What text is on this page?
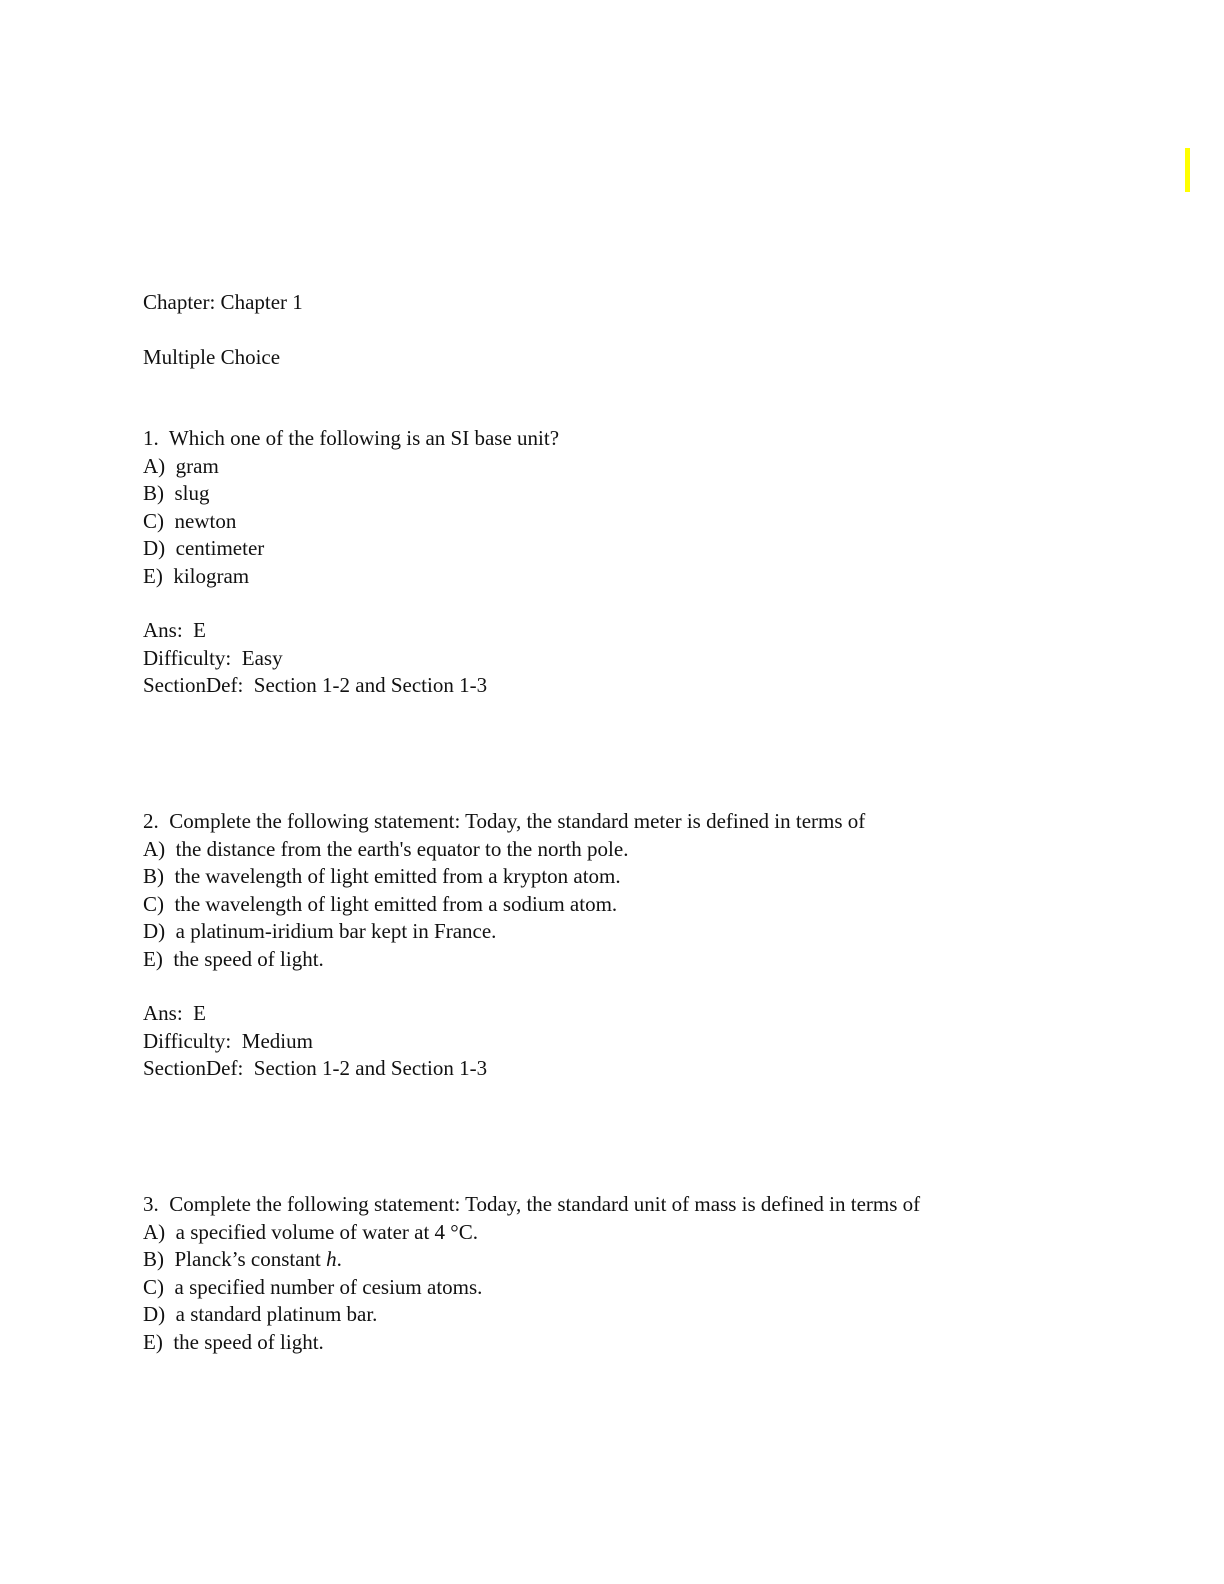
Chapter: Chapter 1
Multiple Choice
1.  Which one of the following is an SI base unit?
A)  gram
B)  slug
C)  newton
D)  centimeter
E)  kilogram
Ans:  E
Difficulty:  Easy
SectionDef:  Section 1-2 and Section 1-3
2.  Complete the following statement: Today, the standard meter is defined in terms of
A)  the distance from the earth's equator to the north pole.
B)  the wavelength of light emitted from a krypton atom.
C)  the wavelength of light emitted from a sodium atom.
D)  a platinum-iridium bar kept in France.
E)  the speed of light.
Ans:  E
Difficulty:  Medium
SectionDef:  Section 1-2 and Section 1-3
3.  Complete the following statement: Today, the standard unit of mass is defined in terms of
A)  a specified volume of water at 4 °C.
B)  Planck’s constant h.
C)  a specified number of cesium atoms.
D)  a standard platinum bar.
E)  the speed of light.
